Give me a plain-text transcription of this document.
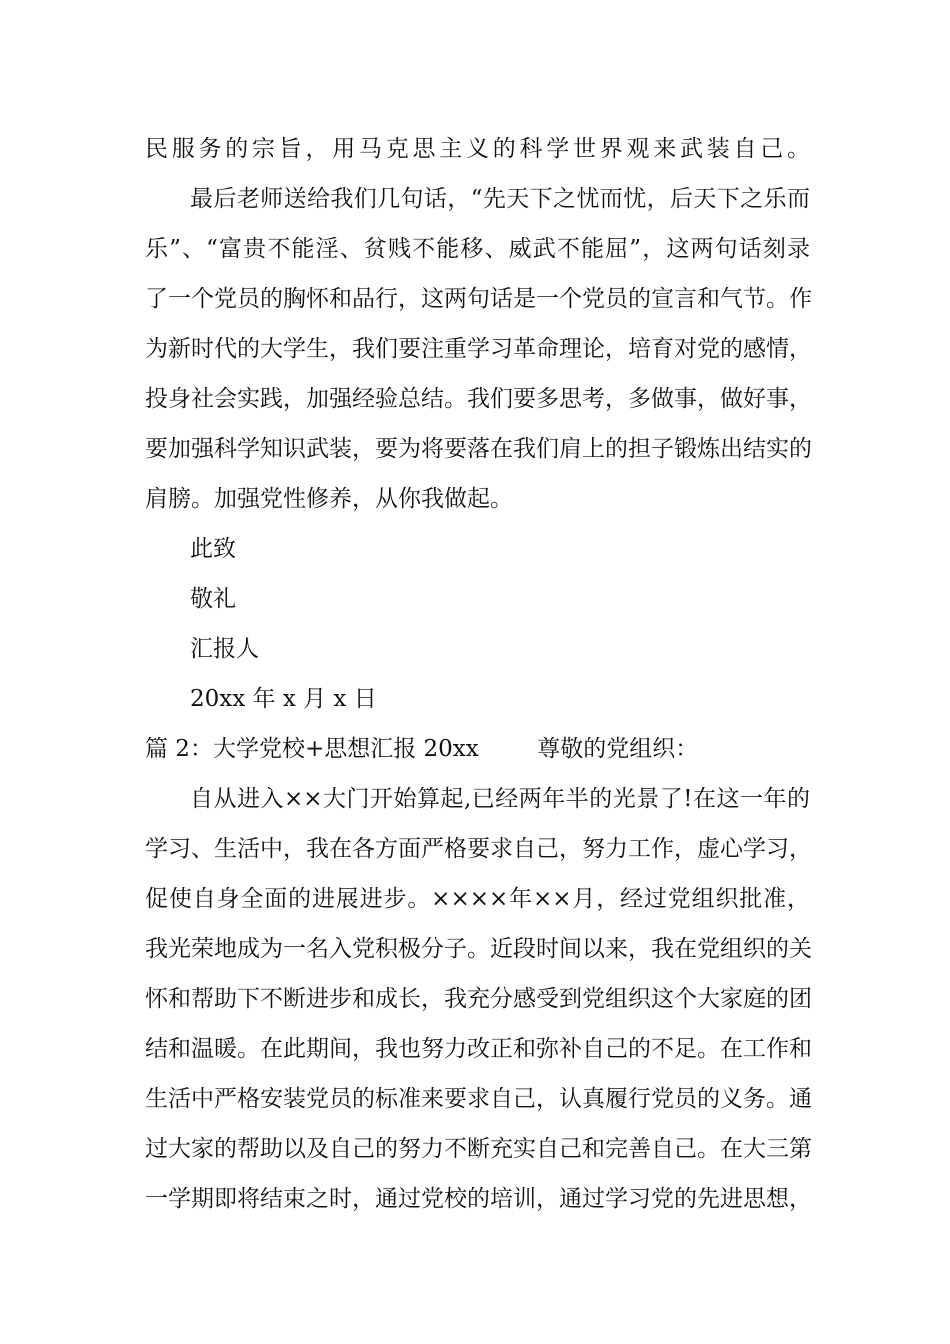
民服务的宗旨，用马克思主义的科学世界观来武装自己。
最后老师送给我们几句话，“先天下之忧而忧，后天下之乐而
乐”、“富贵不能淫、贫贱不能移、威武不能屈”，这两句话刻录
了一个党员的胸怀和品行，这两句话是一个党员的宣言和气节。作
为新时代的大学生，我们要注重学习革命理论，培育对党的感情，
投身社会实践，加强经验总结。我们要多思考，多做事，做好事，
要加强科学知识武装，要为将要落在我们肩上的担子锻炼出结实的
肩膀。加强党性修养，从你我做起。
此致
敬礼
汇报人
20xx 年 x 月 x 日
篇 2：大学党校+思想汇报 20xx        尊敬的党组织：
自从进入××大门开始算起,已经两年半的光景了!在这一年的
学习、生活中，我在各方面严格要求自己，努力工作，虚心学习，
促使自身全面的进展进步。××××年××月，经过党组织批准，
我光荣地成为一名入党积极分子。近段时间以来，我在党组织的关
怀和帮助下不断进步和成长，我充分感受到党组织这个大家庭的团
结和温暖。在此期间，我也努力改正和弥补自己的不足。在工作和
生活中严格安装党员的标准来要求自己，认真履行党员的义务。通
过大家的帮助以及自己的努力不断充实自己和完善自己。在大三第
一学期即将结束之时，通过党校的培训，通过学习党的先进思想，
